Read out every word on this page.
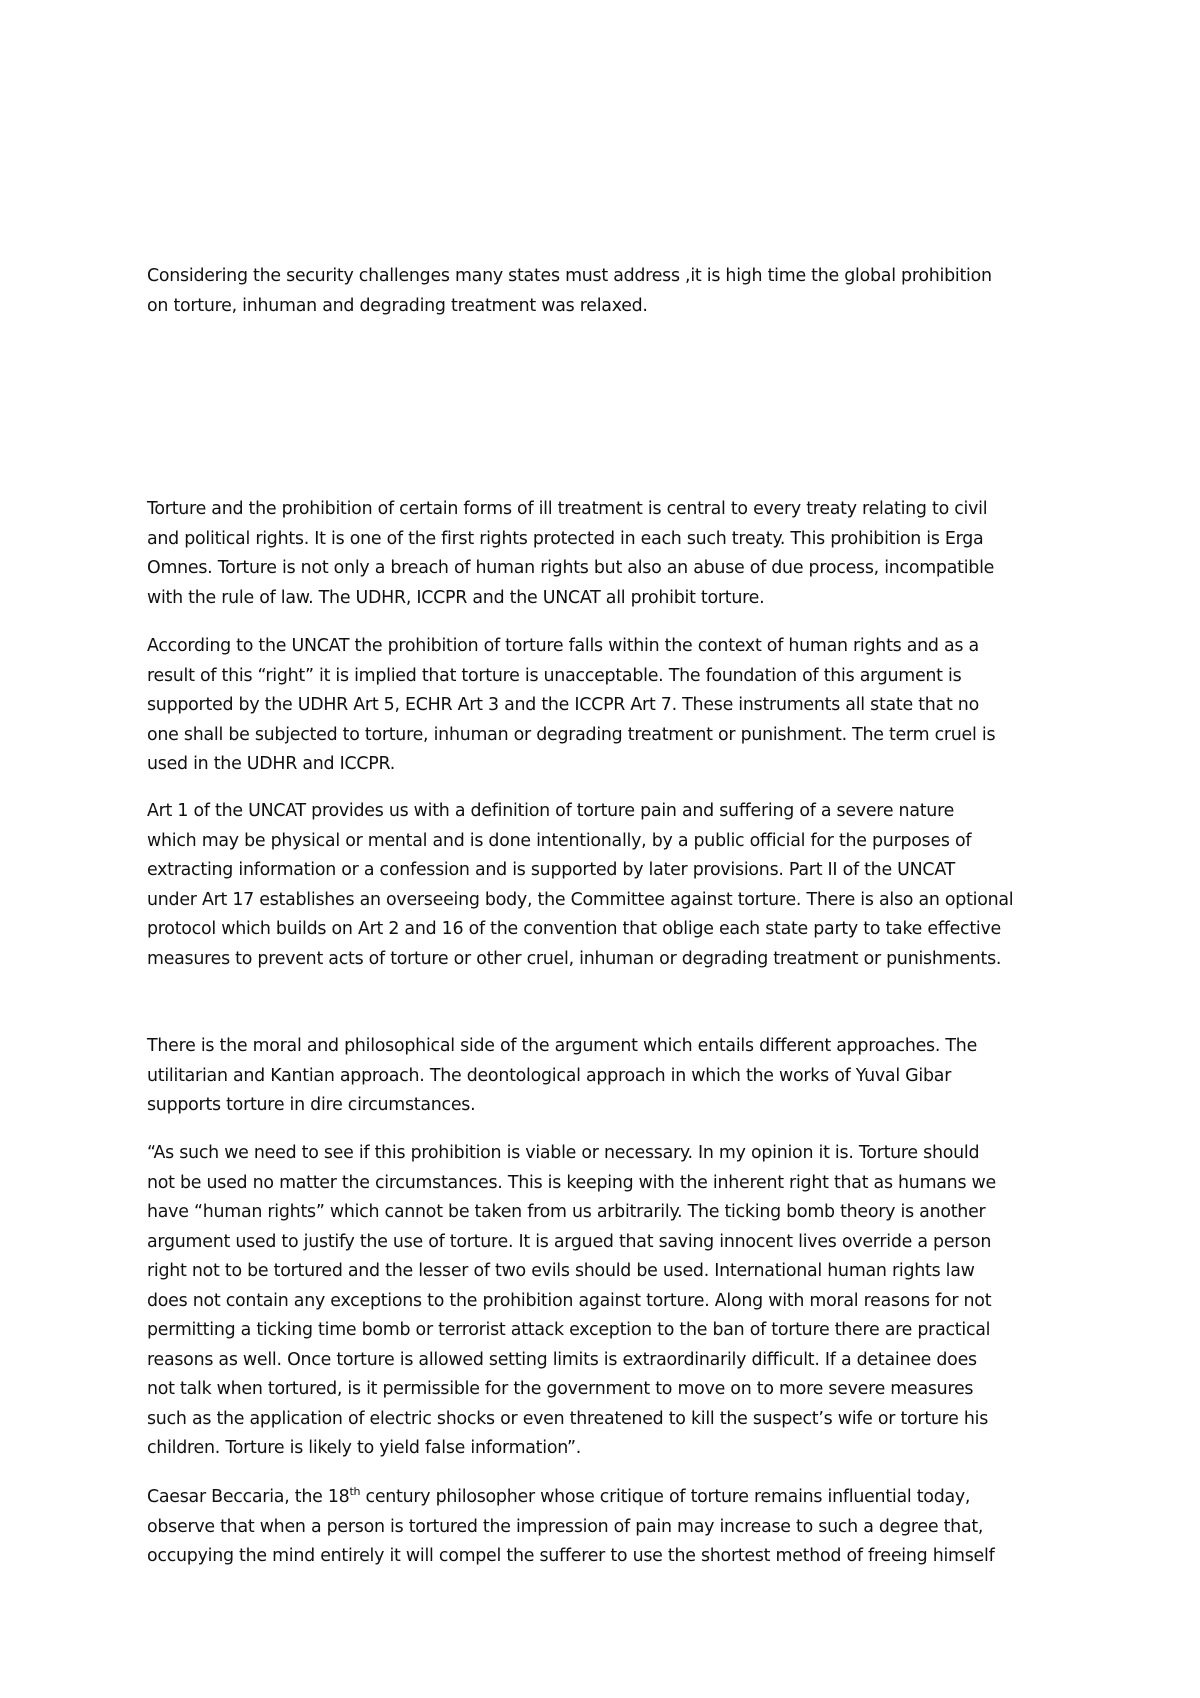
Considering the security challenges many states must address ,it is high time the global prohibition
on torture, inhuman and degrading treatment was relaxed.

Torture and the prohibition of certain forms of ill treatment is central to every treaty relating to civil
and political rights. It is one of the first rights protected in each such treaty. This prohibition is Erga
Omnes. Torture is not only a breach of human rights but also an abuse of due process, incompatible
with the rule of law. The UDHR, ICCPR and the UNCAT all prohibit torture.

According to the UNCAT the prohibition of torture falls within the context of human rights and as a
result of this “right” it is implied that torture is unacceptable. The foundation of this argument is
supported by the UDHR Art 5, ECHR Art 3 and the ICCPR Art 7. These instruments all state that no
one shall be subjected to torture, inhuman or degrading treatment or punishment. The term cruel is
used in the UDHR and ICCPR.

Art 1 of the UNCAT provides us with a definition of torture pain and suffering of a severe nature
which may be physical or mental and is done intentionally, by a public official for the purposes of
extracting information or a confession and is supported by later provisions. Part II of the UNCAT
under Art 17 establishes an overseeing body, the Committee against torture. There is also an optional
protocol which builds on Art 2 and 16 of the convention that oblige each state party to take effective
measures to prevent acts of torture or other cruel, inhuman or degrading treatment or punishments.

There is the moral and philosophical side of the argument which entails different approaches. The
utilitarian and Kantian approach. The deontological approach in which the works of Yuval Gibar
supports torture in dire circumstances.

“As such we need to see if this prohibition is viable or necessary. In my opinion it is. Torture should
not be used no matter the circumstances. This is keeping with the inherent right that as humans we
have “human rights” which cannot be taken from us arbitrarily. The ticking bomb theory is another
argument used to justify the use of torture. It is argued that saving innocent lives override a person
right not to be tortured and the lesser of two evils should be used. International human rights law
does not contain any exceptions to the prohibition against torture. Along with moral reasons for not
permitting a ticking time bomb or terrorist attack exception to the ban of torture there are practical
reasons as well. Once torture is allowed setting limits is extraordinarily difficult. If a detainee does
not talk when tortured, is it permissible for the government to move on to more severe measures
such as the application of electric shocks or even threatened to kill the suspect’s wife or torture his
children. Torture is likely to yield false information”.

Caesar Beccaria, the 18th century philosopher whose critique of torture remains influential today,
observe that when a person is tortured the impression of pain may increase to such a degree that,
occupying the mind entirely it will compel the sufferer to use the shortest method of freeing himself
